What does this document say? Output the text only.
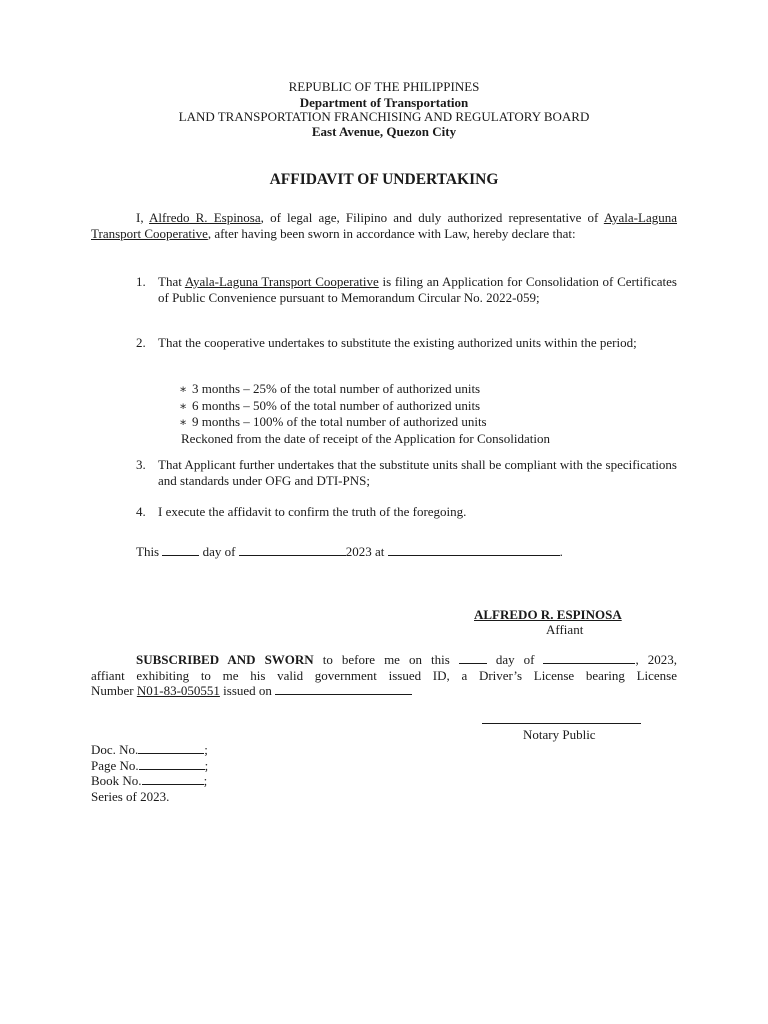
REPUBLIC OF THE PHILIPPINES
Department of Transportation
LAND TRANSPORTATION FRANCHISING AND REGULATORY BOARD
East Avenue, Quezon City
AFFIDAVIT OF UNDERTAKING
I, Alfredo R. Espinosa, of legal age, Filipino and duly authorized representative of Ayala-Laguna Transport Cooperative, after having been sworn in accordance with Law, hereby declare that:
1. That Ayala-Laguna Transport Cooperative is filing an Application for Consolidation of Certificates of Public Convenience pursuant to Memorandum Circular No. 2022-059;
2. That the cooperative undertakes to substitute the existing authorized units within the period;
∗ 3 months – 25% of the total number of authorized units
∗ 6 months – 50% of the total number of authorized units
∗ 9 months – 100% of the total number of authorized units
Reckoned from the date of receipt of the Application for Consolidation
3. That Applicant further undertakes that the substitute units shall be compliant with the specifications and standards under OFG and DTI-PNS;
4. I execute the affidavit to confirm the truth of the foregoing.
This	day of	2023 at	.
ALFREDO R. ESPINOSA
Affiant
SUBSCRIBED AND SWORN to before me on this  day of	, 2023,
affiant exhibiting to me his valid government issued ID, a Driver’s License bearing License
Number N01-83-050551 issued on
Notary Public
Doc. No.	;
Page No.	;
Book No.	;
Series of 2023.
